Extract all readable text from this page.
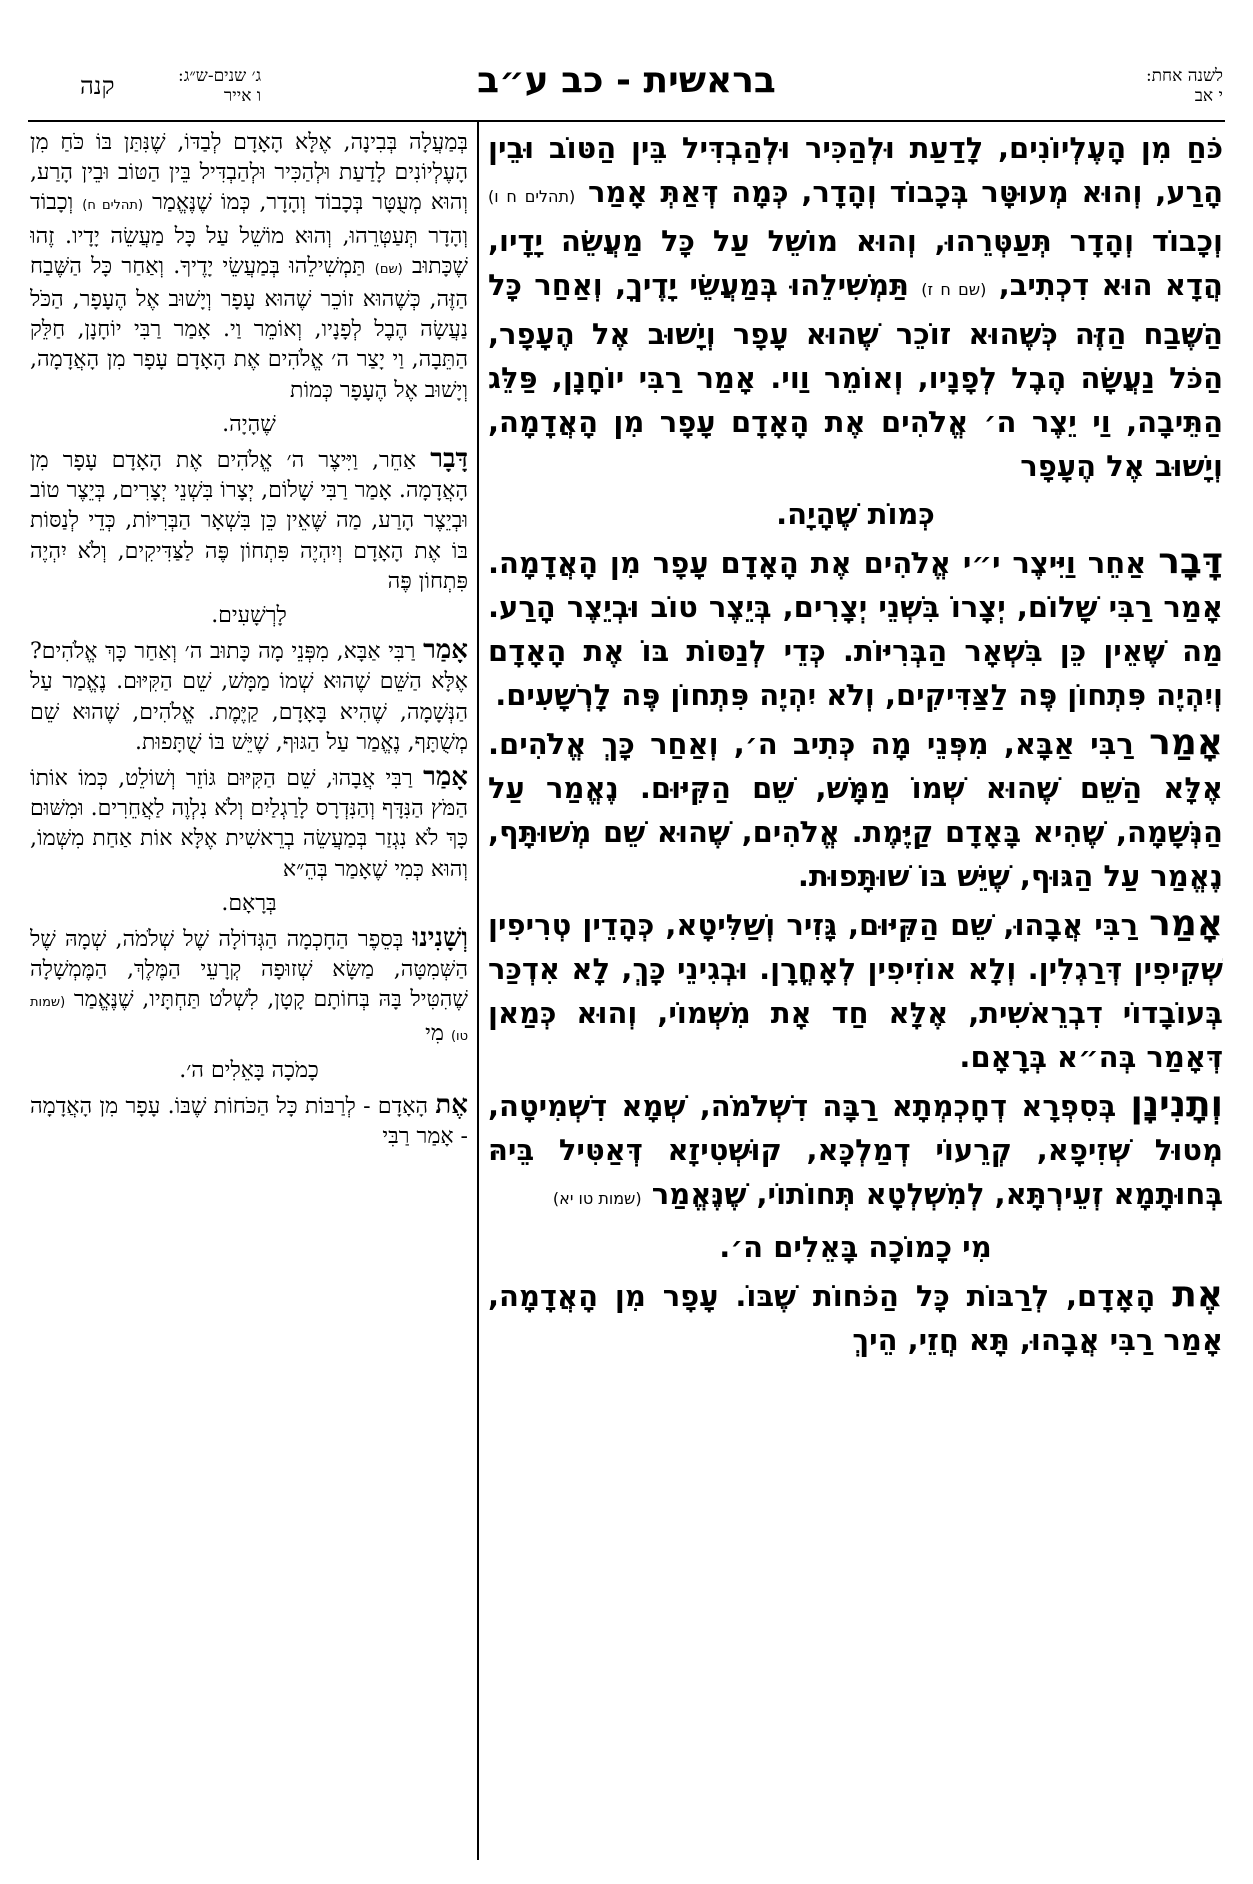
לשנה אחת:
י אב
בראשית - כב ע״ב
ג׳ שנים-ש״ג:
ו אייר
קנה

כֹּחַ מִן הָעֶלְיוֹנִים, לָדַעַת וּלְהַכִּיר וּלְהַבְדִּיל בֵּין הַטּוֹב וּבֵין הָרַע, וְהוּא מְעוּטָּר בְּכָבוֹד וְהָדָר, כְּמָה דְּאַתְּ אָמַר (תהלים ח ו) וְכָבוֹד וְהָדָר תְּעַטְּרֵהוּ, וְהוּא מוֹשֵׁל עַל כָּל מַעֲשֵׂה יָדָיו, הֲדָא הוּא דִכְתִיב, (שם ח ז) תַּמְשִׁילֵהוּ בְּמַעֲשֵׂי יָדֶיךָ, וְאַחַר כָּל הַשֶּׁבַח הַזֶּה כְּשֶׁהוּא זוֹכֵר שֶׁהוּא עָפָר וְיָשׁוּב אֶל הֶעָפָר, הַכֹּל נַעֲשָׂה הֶבֶל לְפָנָיו, וְאוֹמֵר וַוי. אָמַר רַבִּי יוֹחָנָן, פַּלֵּג הַתֵּיבָה, וַי יֵצֶר ה׳ אֱלֹהִים אֶת הָאָדָם עָפָר מִן הָאֲדָמָה, וְיָשׁוּב אֶל הֶעָפָר

כְּמוֹת שֶׁהָיָה.

דָּבָר אַחֵר וַיִּיצֶר י״י אֱלֹהִים אֶת הָאָדָם עָפָר מִן הָאֲדָמָה. אָמַר רַבִּי שָׁלוֹם, יְצָרוֹ בִּשְׁנֵי יְצָרִים, בְּיֵצֶר טוֹב וּבְיֵצֶר הָרַע. מַה שֶּׁאֵין כֵּן בִּשְׁאָר הַבְּרִיּוֹת. כְּדֵי לְנַסּוֹת בּוֹ אֶת הָאָדָם וְיִהְיֶה פִּתְחוֹן פֶּה לַצַּדִּיקִים, וְלֹא יִהְיֶה פִּתְחוֹן פֶּה לָרְשָׁעִים.

אָמַר רַבִּי אַבָּא, מִפְּנֵי מָה כְּתִיב ה׳, וְאַחַר כָּךְ אֱלֹהִים. אֶלָּא הַשֵּׁם שֶׁהוּא שְׁמוֹ מַמָּשׁ, שֵׁם הַקִּיּוּם. נֶאֱמַר עַל הַנְּשָׁמָה, שֶׁהִיא בָּאָדָם קַיֶּמֶת. אֱלֹהִים, שֶׁהוּא שֵׁם מְשׁוּתָּף, נֶאֱמַר עַל הַגּוּף, שֶׁיֵּשׁ בּוֹ שׁוּתָּפוּת.

אָמַר רַבִּי אֲבָהוּ, שֵׁם הַקִּיּוּם, גָּזִיר וְשַׁלִּיטָא, כְּהָדֵין טְרִיפִין שְׁקִיפִין דְּרַגְלִין. וְלָא אוֹזִיפִין לְאָחֳרָן. וּבְגִינֵי כָּךְ, לָא אִדְכַּר בְּעוֹבָדוֹי דִבְרֵאשִׁית, אֶלָּא חַד אָת מִשְּׁמוֹי, וְהוּא כְּמַאן דְּאָמַר בְּה״א בְּרָאָם.

וְתָנִינָן בְּסִפְרָא דְחָכְמְתָא רַבָּה דִשְׁלֹמֹה, שְׁמָא דִשְׁמִיטָה, מְטוּל שְׁזִיפָא, קְרֵעוֹי דְמַלְכָּא, קוּשְׁטִיזָא דְּאַטִּיל בֵּיהּ בְּחוּתָמָא זְעֵירְתָּא, לְמִשְׁלְטָא תְּחוֹתוֹי, שֶׁנֶּאֱמַר (שמות טו יא)

מִי כָמוֹכָה בָּאֵלִים ה׳.

אֶת הָאָדָם, לְרַבּוֹת כָּל הַכֹּחוֹת שֶׁבּוֹ. עָפָר מִן הָאֲדָמָה, אָמַר רַבִּי אֲבָהוּ, תָּא חֲזֵי, הֵיךְ

בְּמַעֲלָה בְּבִינָה, אֶלָּא הָאָדָם לְבַדּוֹ, שֶׁנִּתַּן בּוֹ כֹּחַ מִן הָעֶלְיוֹנִים לָדַעַת וּלְהַכִּיר וּלְהַבְדִּיל בֵּין הַטּוֹב וּבֵין הָרַע, וְהוּא מְעֻטָּר בְּכָבוֹד וְהָדָר, כְּמוֹ שֶׁנֶּאֱמַר (תהלים ח) וְכָבוֹד וְהָדָר תְּעַטְּרֵהוּ, וְהוּא מוֹשֵׁל עַל כָּל מַעֲשֵׂה יָדָיו. זֶהוּ שֶׁכָּתוּב (שם) תַּמְשִׁילֵהוּ בְּמַעֲשֵׂי יָדֶיךָ. וְאַחַר כָּל הַשֶּׁבַח הַזֶּה, כְּשֶׁהוּא זוֹכֵר שֶׁהוּא עָפָר וְיָשׁוּב אֶל הֶעָפָר, הַכֹּל נַעֲשָׂה הֶבֶל לְפָנָיו, וְאוֹמֵר וַי. אָמַר רַבִּי יוֹחָנָן, חַלֵּק הַתֵּבָה, וַי יָצַר ה׳ אֱלֹהִים אֶת הָאָדָם עָפָר מִן הָאֲדָמָה, וְיָשׁוּב אֶל הֶעָפָר כְּמוֹת

שֶׁהָיָה.

דָּבָר אַחֵר, וַיִּיצֶר ה׳ אֱלֹהִים אֶת הָאָדָם עָפָר מִן הָאֲדָמָה. אָמַר רַבִּי שָׁלוֹם, יְצָרוֹ בִּשְׁנֵי יְצָרִים, בְּיֵצֶר טוֹב וּבְיֵצֶר הָרַע, מַה שֶּׁאֵין כֵּן בִּשְׁאָר הַבְּרִיּוֹת, כְּדֵי לְנַסּוֹת בּוֹ אֶת הָאָדָם וְיִהְיֶה פִּתְחוֹן פֶּה לַצַּדִּיקִים, וְלֹא יִהְיֶה פִּתְחוֹן פֶּה

לָרְשָׁעִים.

אָמַר רַבִּי אַבָּא, מִפְּנֵי מָה כָּתוּב ה׳ וְאַחַר כָּךְ אֱלֹהִים? אֶלָּא הַשֵּׁם שֶׁהוּא שְׁמוֹ מַמָּשׁ, שֵׁם הַקִּיּוּם. נֶאֱמַר עַל הַנְּשָׁמָה, שֶׁהִיא בָּאָדָם, קַיֶּמֶת. אֱלֹהִים, שֶׁהוּא שֵׁם מְשֻׁתָּף, נֶאֱמַר עַל הַגּוּף, שֶׁיֵּשׁ בּוֹ שֻׁתָּפוּת.

אָמַר רַבִּי אֲבָהוּ, שֵׁם הַקִּיּוּם גּוֹזֵר וְשׁוֹלֵט, כְּמוֹ אוֹתוֹ הַמֹּץ הַנִּדָּף וְהַנִּדְרָס לָרַגְלַיִם וְלֹא נִלְוֶה לַאֲחֵרִים. וּמִשּׁוּם כָּךְ לֹא נִגְזַר בְּמַעֲשֵׂה בְרֵאשִׁית אֶלָּא אוֹת אַחַת מִשְּׁמוֹ, וְהוּא כְּמִי שֶׁאָמַר בְּהֵ״א

בְּרָאָם.

וְשָׁנִינוּ בְּסֵפֶר הַחָכְמָה הַגְּדוֹלָה שֶׁל שְׁלֹמֹה, שְׁמָהּ שֶׁל הַשְּׁמִטָּה, מַשָּׂא שְׁזוּפָה קְרָעֵי הַמֶּלֶךְ, הַמֶּמְשָׁלָה שֶׁהִטִּיל בָּהּ בְּחוֹתָם קָטָן, לִשְׁלֹט תַּחְתָּיו, שֶׁנֶּאֱמַר (שמות טו) מִי

כָמֹכָה בָּאֵלִים ה׳.

אֶת הָאָדָם - לְרַבּוֹת כָּל הַכֹּחוֹת שֶׁבּוֹ. עָפָר מִן הָאֲדָמָה - אָמַר רַבִּי
